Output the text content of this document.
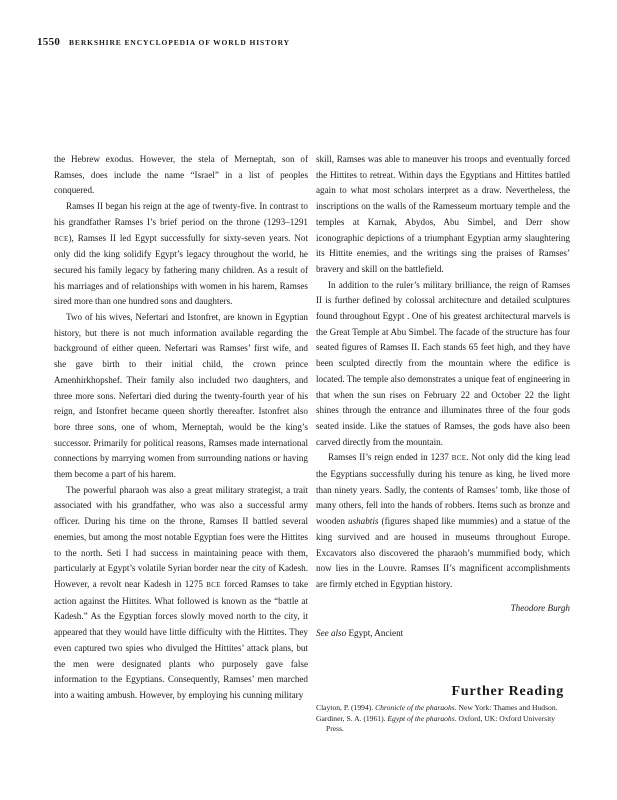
1550 BERKSHIRE ENCYCLOPEDIA OF WORLD HISTORY

the Hebrew exodus. However, the stela of Merneptah, son of Ramses, does include the name “Israel” in a list of peoples conquered.

Ramses II began his reign at the age of twenty-five. In contrast to his grandfather Ramses I’s brief period on the throne (1293–1291 BCE), Ramses II led Egypt successfully for sixty-seven years. Not only did the king solidify Egypt’s legacy throughout the world, he secured his family legacy by fathering many children. As a result of his marriages and of relationships with women in his harem, Ramses sired more than one hundred sons and daughters.

Two of his wives, Nefertari and Istonfret, are known in Egyptian history, but there is not much information available regarding the background of either queen. Nefertari was Ramses’ first wife, and she gave birth to their initial child, the crown prince Amenhirkhopshef. Their family also included two daughters, and three more sons. Nefertari died during the twenty-fourth year of his reign, and Istonfret became queen shortly thereafter. Istonfret also bore three sons, one of whom, Merneptah, would be the king’s successor. Primarily for political reasons, Ramses made international connections by marrying women from surrounding nations or having them become a part of his harem.

The powerful pharaoh was also a great military strategist, a trait associated with his grandfather, who was also a successful army officer. During his time on the throne, Ramses II battled several enemies, but among the most notable Egyptian foes were the Hittites to the north. Seti I had success in maintaining peace with them, particularly at Egypt’s volatile Syrian border near the city of Kadesh. However, a revolt near Kadesh in 1275 BCE forced Ramses to take action against the Hittites. What followed is known as the “battle at Kadesh.” As the Egyptian forces slowly moved north to the city, it appeared that they would have little difficulty with the Hittites. They even captured two spies who divulged the Hittites’ attack plans, but the men were designated plants who purposely gave false information to the Egyptians. Consequently, Ramses’ men marched into a waiting ambush. However, by employing his cunning military

skill, Ramses was able to maneuver his troops and eventually forced the Hittites to retreat. Within days the Egyptians and Hittites battled again to what most scholars interpret as a draw. Nevertheless, the inscriptions on the walls of the Ramesseum mortuary temple and the temples at Karnak, Abydos, Abu Simbel, and Derr show iconographic depictions of a triumphant Egyptian army slaughtering its Hittite enemies, and the writings sing the praises of Ramses’ bravery and skill on the battlefield.

In addition to the ruler’s military brilliance, the reign of Ramses II is further defined by colossal architecture and detailed sculptures found throughout Egypt . One of his greatest architectural marvels is the Great Temple at Abu Simbel. The facade of the structure has four seated figures of Ramses II. Each stands 65 feet high, and they have been sculpted directly from the mountain where the edifice is located. The temple also demonstrates a unique feat of engineering in that when the sun rises on February 22 and October 22 the light shines through the entrance and illuminates three of the four gods seated inside. Like the statues of Ramses, the gods have also been carved directly from the mountain.

Ramses II’s reign ended in 1237 BCE. Not only did the king lead the Egyptians successfully during his tenure as king, he lived more than ninety years. Sadly, the contents of Ramses’ tomb, like those of many others, fell into the hands of robbers. Items such as bronze and wooden ushabtis (figures shaped like mummies) and a statue of the king survived and are housed in museums throughout Europe. Excavators also discovered the pharaoh’s mummified body, which now lies in the Louvre. Ramses II’s magnificent accomplishments are firmly etched in Egyptian history.

Theodore Burgh

See also Egypt, Ancient

Further Reading

Clayton, P. (1994). Chronicle of the pharaohs. New York: Thames and Hudson.

Gardiner, S. A. (1961). Egypt of the pharaohs. Oxford, UK: Oxford University Press.
